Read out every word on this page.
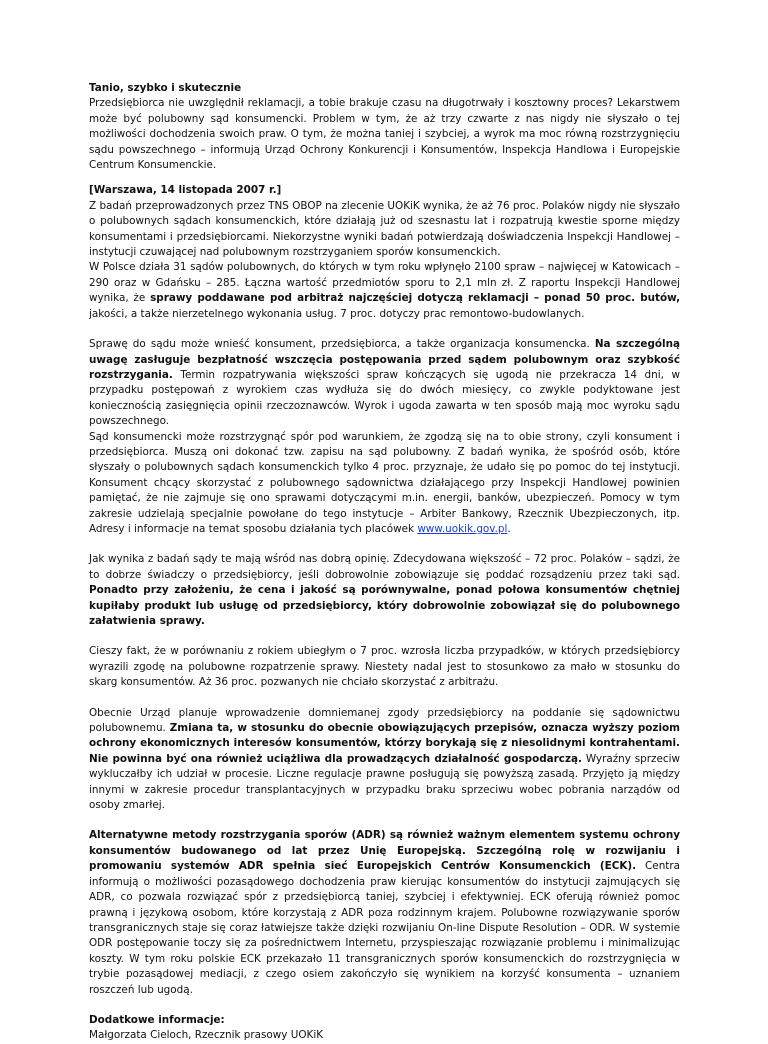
Tanio, szybko i skutecznie

Przedsiębiorca nie uwzględnił reklamacji, a tobie brakuje czasu na długotrwały i kosztowny proces? Lekarstwem może być polubowny sąd konsumencki. Problem w tym, że aż trzy czwarte z nas nigdy nie słyszało o tej możliwości dochodzenia swoich praw. O tym, że można taniej i szybciej, a wyrok ma moc równą rozstrzygnięciu sądu powszechnego – informują Urząd Ochrony Konkurencji i Konsumentów, Inspekcja Handlowa i Europejskie Centrum Konsumenckie.

[Warszawa, 14 listopada 2007 r.]

Z badań przeprowadzonych przez TNS OBOP na zlecenie UOKiK wynika, że aż 76 proc. Polaków nigdy nie słyszało o polubownych sądach konsumenckich, które działają już od szesnastu lat i rozpatrują kwestie sporne między konsumentami i przedsiębiorcami. Niekorzystne wyniki badań potwierdzają doświadczenia Inspekcji Handlowej – instytucji czuwającej nad polubownym rozstrzyganiem sporów konsumenckich.

W Polsce działa 31 sądów polubownych, do których w tym roku wpłynęło 2100 spraw – najwięcej w Katowicach – 290 oraz w Gdańsku – 285. Łączna wartość przedmiotów sporu to 2,1 mln zł. Z raportu Inspekcji Handlowej wynika, że sprawy poddawane pod arbitraż najczęściej dotyczą reklamacji – ponad 50 proc. butów, jakości, a także nierzetelnego wykonania usług. 7 proc. dotyczy prac remontowo-budowlanych.

Sprawę do sądu może wnieść konsument, przedsiębiorca, a także organizacja konsumencka. Na szczególną uwagę zasługuje bezpłatność wszczęcia postępowania przed sądem polubownym oraz szybkość rozstrzygania. Termin rozpatrywania większości spraw kończących się ugodą nie przekracza 14 dni, w przypadku postępowań z wyrokiem czas wydłuża się do dwóch miesięcy, co zwykle podyktowane jest koniecznością zasięgnięcia opinii rzeczoznawców. Wyrok i ugoda zawarta w ten sposób mają moc wyroku sądu powszechnego.

Sąd konsumencki może rozstrzygnąć spór pod warunkiem, że zgodzą się na to obie strony, czyli konsument i przedsiębiorca. Muszą oni dokonać tzw. zapisu na sąd polubowny. Z badań wynika, że spośród osób, które słyszały o polubownych sądach konsumenckich tylko 4 proc. przyznaje, że udało się po pomoc do tej instytucji. Konsument chcący skorzystać z polubownego sądownictwa działającego przy Inspekcji Handlowej powinien pamiętać, że nie zajmuje się ono sprawami dotyczącymi m.in. energii, banków, ubezpieczeń. Pomocy w tym zakresie udzielają specjalnie powołane do tego instytucje – Arbiter Bankowy, Rzecznik Ubezpieczonych, itp. Adresy i informacje na temat sposobu działania tych placówek www.uokik.gov.pl.

Jak wynika z badań sądy te mają wśród nas dobrą opinię. Zdecydowana większość – 72 proc. Polaków – sądzi, że to dobrze świadczy o przedsiębiorcy, jeśli dobrowolnie zobowiązuje się poddać rozsądzeniu przez taki sąd. Ponadto przy założeniu, że cena i jakość są porównywalne, ponad połowa konsumentów chętniej kupiłaby produkt lub usługę od przedsiębiorcy, który dobrowolnie zobowiązał się do polubownego załatwienia sprawy.

Cieszy fakt, że w porównaniu z rokiem ubiegłym o 7 proc. wzrosła liczba przypadków, w których przedsiębiorcy wyrazili zgodę na polubowne rozpatrzenie sprawy. Niestety nadal jest to stosunkowo za mało w stosunku do skarg konsumentów. Aż 36 proc. pozwanych nie chciało skorzystać z arbitrażu.

Obecnie Urząd planuje wprowadzenie domniemanej zgody przedsiębiorcy na poddanie się sądownictwu polubownemu. Zmiana ta, w stosunku do obecnie obowiązujących przepisów, oznacza wyższy poziom ochrony ekonomicznych interesów konsumentów, którzy borykają się z niesolidnymi kontrahentami. Nie powinna być ona również uciążliwa dla prowadzących działalność gospodarczą. Wyraźny sprzeciw wykluczałby ich udział w procesie. Liczne regulacje prawne posługują się powyższą zasadą. Przyjęto ją między innymi w zakresie procedur transplantacyjnych w przypadku braku sprzeciwu wobec pobrania narządów od osoby zmarłej.

Alternatywne metody rozstrzygania sporów (ADR) są również ważnym elementem systemu ochrony konsumentów budowanego od lat przez Unię Europejską. Szczególną rolę w rozwijaniu i promowaniu systemów ADR spełnia sieć Europejskich Centrów Konsumenckich (ECK). Centra informują o możliwości pozasądowego dochodzenia praw kierując konsumentów do instytucji zajmujących się ADR, co pozwala rozwiązać spór z przedsiębiorcą taniej, szybciej i efektywniej. ECK oferują również pomoc prawną i językową osobom, które korzystają z ADR poza rodzinnym krajem. Polubowne rozwiązywanie sporów transgranicznych staje się coraz łatwiejsze także dzięki rozwijaniu On-line Dispute Resolution – ODR. W systemie ODR postępowanie toczy się za pośrednictwem Internetu, przyspieszając rozwiązanie problemu i minimalizując koszty. W tym roku polskie ECK przekazało 11 transgranicznych sporów konsumenckich do rozstrzygnięcia w trybie pozasądowej mediacji, z czego osiem zakończyło się wynikiem na korzyść konsumenta – uznaniem roszczeń lub ugodą.

Dodatkowe informacje:

Małgorzata Cieloch, Rzecznik prasowy UOKiK
